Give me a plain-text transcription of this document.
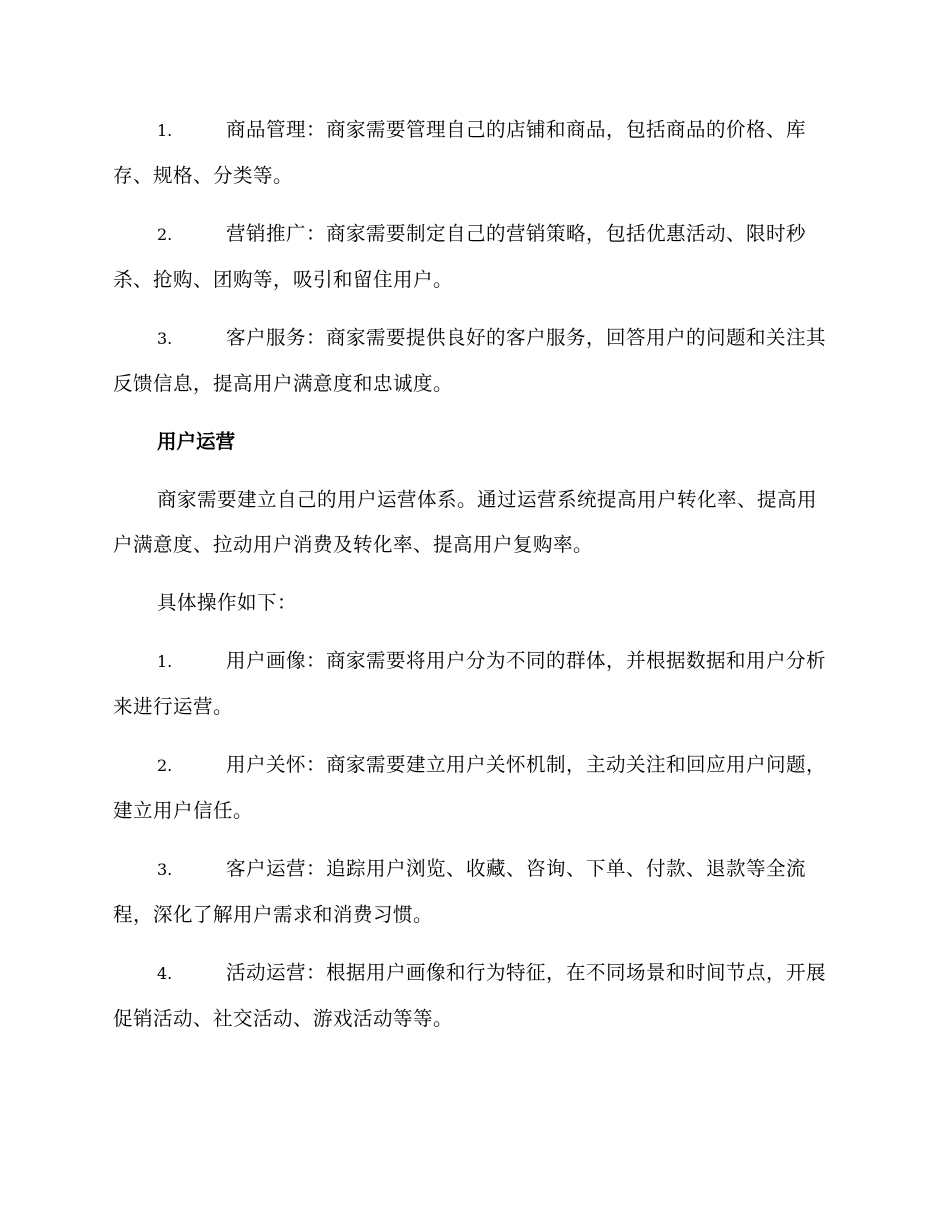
1.	商品管理：商家需要管理自己的店铺和商品，包括商品的价格、库存、规格、分类等。
2.	营销推广：商家需要制定自己的营销策略，包括优惠活动、限时秒杀、抢购、团购等，吸引和留住用户。
3.	客户服务：商家需要提供良好的客户服务，回答用户的问题和关注其反馈信息，提高用户满意度和忠诚度。
用户运营
商家需要建立自己的用户运营体系。通过运营系统提高用户转化率、提高用户满意度、拉动用户消费及转化率、提高用户复购率。
具体操作如下：
1.	用户画像：商家需要将用户分为不同的群体，并根据数据和用户分析来进行运营。
2.	用户关怀：商家需要建立用户关怀机制，主动关注和回应用户问题，建立用户信任。
3.	客户运营：追踪用户浏览、收藏、咨询、下单、付款、退款等全流程，深化了解用户需求和消费习惯。
4.	活动运营：根据用户画像和行为特征，在不同场景和时间节点，开展促销活动、社交活动、游戏活动等等。
